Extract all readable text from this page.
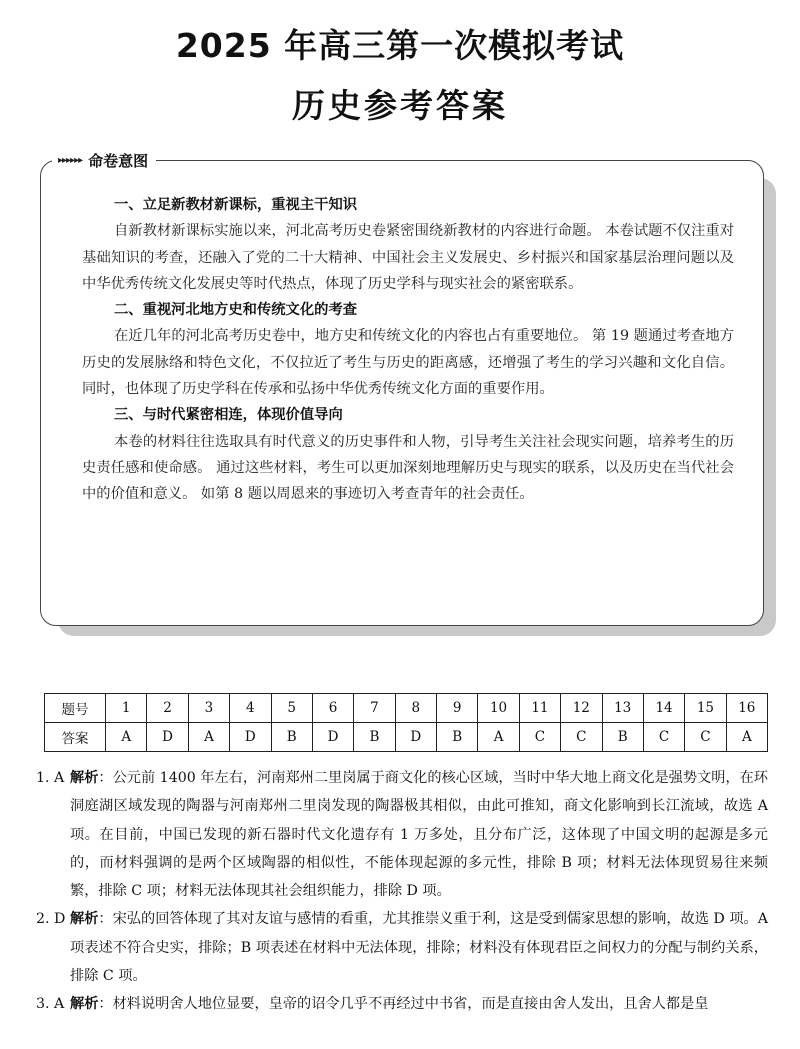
2025 年高三第一次模拟考试
历史参考答案
▸▸▸▸▸▸ 命卷意图
一、立足新教材新课标，重视主干知识

自新教材新课标实施以来，河北高考历史卷紧密围绕新教材的内容进行命题。 本卷试题不仅注重对基础知识的考查，还融入了党的二十大精神、中国社会主义发展史、乡村振兴和国家基层治理问题以及中华优秀传统文化发展史等时代热点，体现了历史学科与现实社会的紧密联系。

二、重视河北地方史和传统文化的考查

在近几年的河北高考历史卷中，地方史和传统文化的内容也占有重要地位。 第 19 题通过考查地方历史的发展脉络和特色文化，不仅拉近了考生与历史的距离感，还增强了考生的学习兴趣和文化自信。 同时，也体现了历史学科在传承和弘扬中华优秀传统文化方面的重要作用。

三、与时代紧密相连，体现价值导向

本卷的材料往往选取具有时代意义的历史事件和人物，引导考生关注社会现实问题，培养考生的历史责任感和使命感。 通过这些材料，考生可以更加深刻地理解历史与现实的联系，以及历史在当代社会中的价值和意义。 如第 8 题以周恩来的事迹切入考查青年的社会责任。

题号	1	2	3	4	5	6	7	8	9	10	11	12	13	14	15	16
答案	A	D	A	D	B	D	B	D	B	A	C	C	B	C	C	A
1. A 解析：公元前 1400 年左右，河南郑州二里岗属于商文化的核心区域，当时中华大地上商文化是强势文明，在环洞庭湖区域发现的陶器与河南郑州二里岗发现的陶器极其相似，由此可推知，商文化影响到长江流域，故选 A 项。在目前，中国已发现的新石器时代文化遗存有 1 万多处，且分布广泛，这体现了中国文明的起源是多元的，而材料强调的是两个区域陶器的相似性，不能体现起源的多元性，排除 B 项；材料无法体现贸易往来频繁，排除 C 项；材料无法体现其社会组织能力，排除 D 项。
2. D 解析：宋弘的回答体现了其对友谊与感情的看重，尤其推崇义重于利，这是受到儒家思想的影响，故选 D 项。A 项表述不符合史实，排除；B 项表述在材料中无法体现，排除；材料没有体现君臣之间权力的分配与制约关系，排除 C 项。
3. A 解析：材料说明舍人地位显要，皇帝的诏令几乎不再经过中书省，而是直接由舍人发出，且舍人都是皇
